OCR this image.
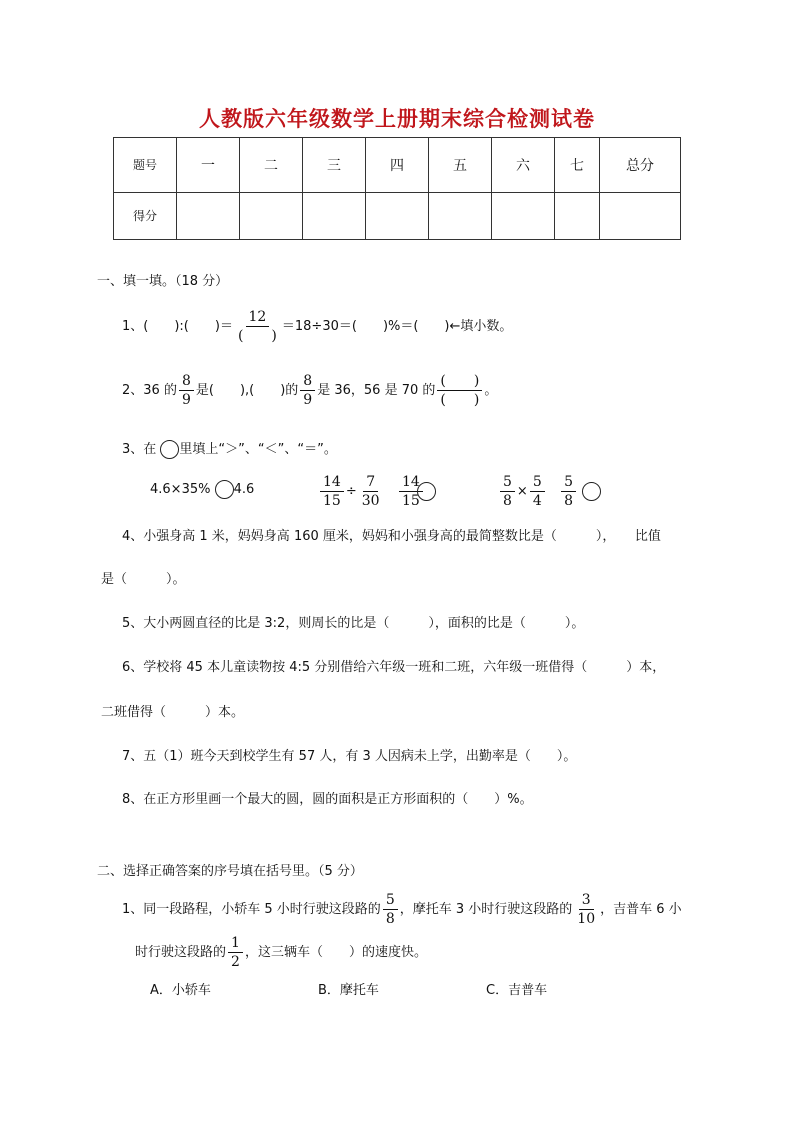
人教版六年级数学上册期末综合检测试卷
题号	一	二	三	四	五	六	七	总分
得分								
一、填一填。（18 分）
1、(　　):(　　)＝ $\frac{12}{( )} =18\div 30=$(　　)%＝(　　)←填小数。
2、36 的 $\frac{8}{9}$ 是(　　),(　　)的 $\frac{8}{9}$ 是 36，56 是 70 的 $\frac{( )}{( )}$ 。
3、在 里填上“＞”、“＜”、“＝”。
4.6×35% 4.6	$\frac{14}{15} \div \frac{7}{30}$
$\frac{14}{15}$	$\frac{5}{8} \times \frac{5}{4}$
$\frac{5}{8}$

4、小强身高 1 米，妈妈身高 160 厘米，妈妈和小强身高的最简整数比是（　　　），　　比值
是（　　　）。
5、大小两圆直径的比是 3:2，则周长的比是（　　　），面积的比是（　　　）。
6、学校将 45 本儿童读物按 4:5 分别借给六年级一班和二班，六年级一班借得（　　　）本，
二班借得（　　　）本。
7、五（1）班今天到校学生有 57 人，有 3 人因病未上学，出勤率是（　　）。
8、在正方形里画一个最大的圆，圆的面积是正方形面积的（　　）%。
二、选择正确答案的序号填在括号里。（5 分）
1、同一段路程，小轿车 5 小时行驶这段路的 $\frac{5}{8}$ ，摩托车 3 小时行驶这段路的 $\frac{3}{10}$ ，吉普车 6 小
时行驶这段路的 $\frac{1}{2}$ ，这三辆车（　　）的速度快。
A．小轿车	B．摩托车	C．吉普车
